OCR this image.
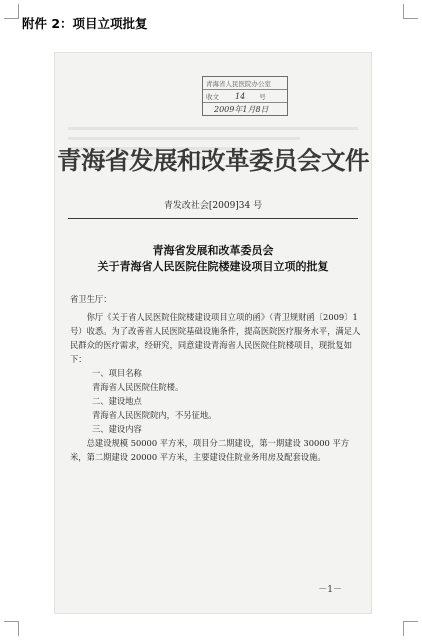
附件 2：项目立项批复
青海省人民医院办公室
收文 14 号
2009年1月8日
青海省发展和改革委员会文件
青发改社会[2009]34 号
青海省发展和改革委员会
关于青海省人民医院住院楼建设项目立项的批复

省卫生厅：

你厅《关于省人民医院住院楼建设项目立项的函》（青卫规财函〔2009〕1 号）收悉。为了改善省人民医院基础设施条件，提高医院医疗服务水平，满足人民群众的医疗需求，经研究，同意建设青海省人民医院住院楼项目，现批复如下：

一、项目名称

青海省人民医院住院楼。

二、建设地点

青海省人民医院院内，不另征地。

三、建设内容

总建设规模 50000 平方米，项目分二期建设，第一期建设 30000 平方米，第二期建设 20000 平方米，主要建设住院业务用房及配套设施。

－1－
